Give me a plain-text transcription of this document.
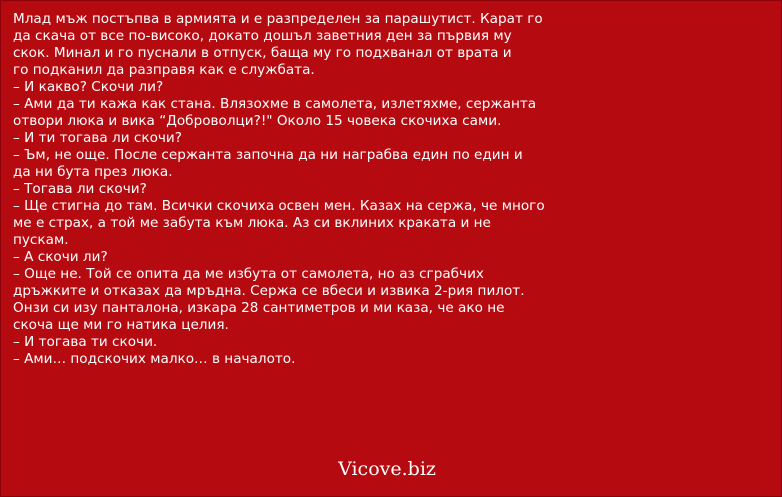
Млад мъж постъпва в армията и е разпределен за парашутист. Карат го
да скача от все по-високо, докато дошъл заветния ден за първия му
скок. Минал и го пуснали в отпуск, баща му го подхванал от врата и
го подканил да разправя как е службата.
– И какво? Скочи ли?
– Ами да ти кажа как стана. Влязохме в самолета, излетяхме, сержанта
отвори люка и вика “Доброволци?!" Около 15 човека скочиха сами.
– И ти тогава ли скочи?
– Ъм, не още. После сержанта започна да ни награбва един по един и
да ни бута през люка.
– Тогава ли скочи?
– Ще стигна до там. Всички скочиха освен мен. Казах на сержа, че много
ме е страх, а той ме забута към люка. Аз си вклиних краката и не
пускам.
– А скочи ли?
– Още не. Той се опита да ме избута от самолета, но аз сграбчих
дръжките и отказах да мръдна. Сержа се вбеси и извика 2-рия пилот.
Онзи си изу панталона, изкара 28 сантиметров и ми каза, че ако не
скоча ще ми го натика целия.
– И тогава ти скочи.
– Ами… подскочих малко… в началото.
Vicove.biz
